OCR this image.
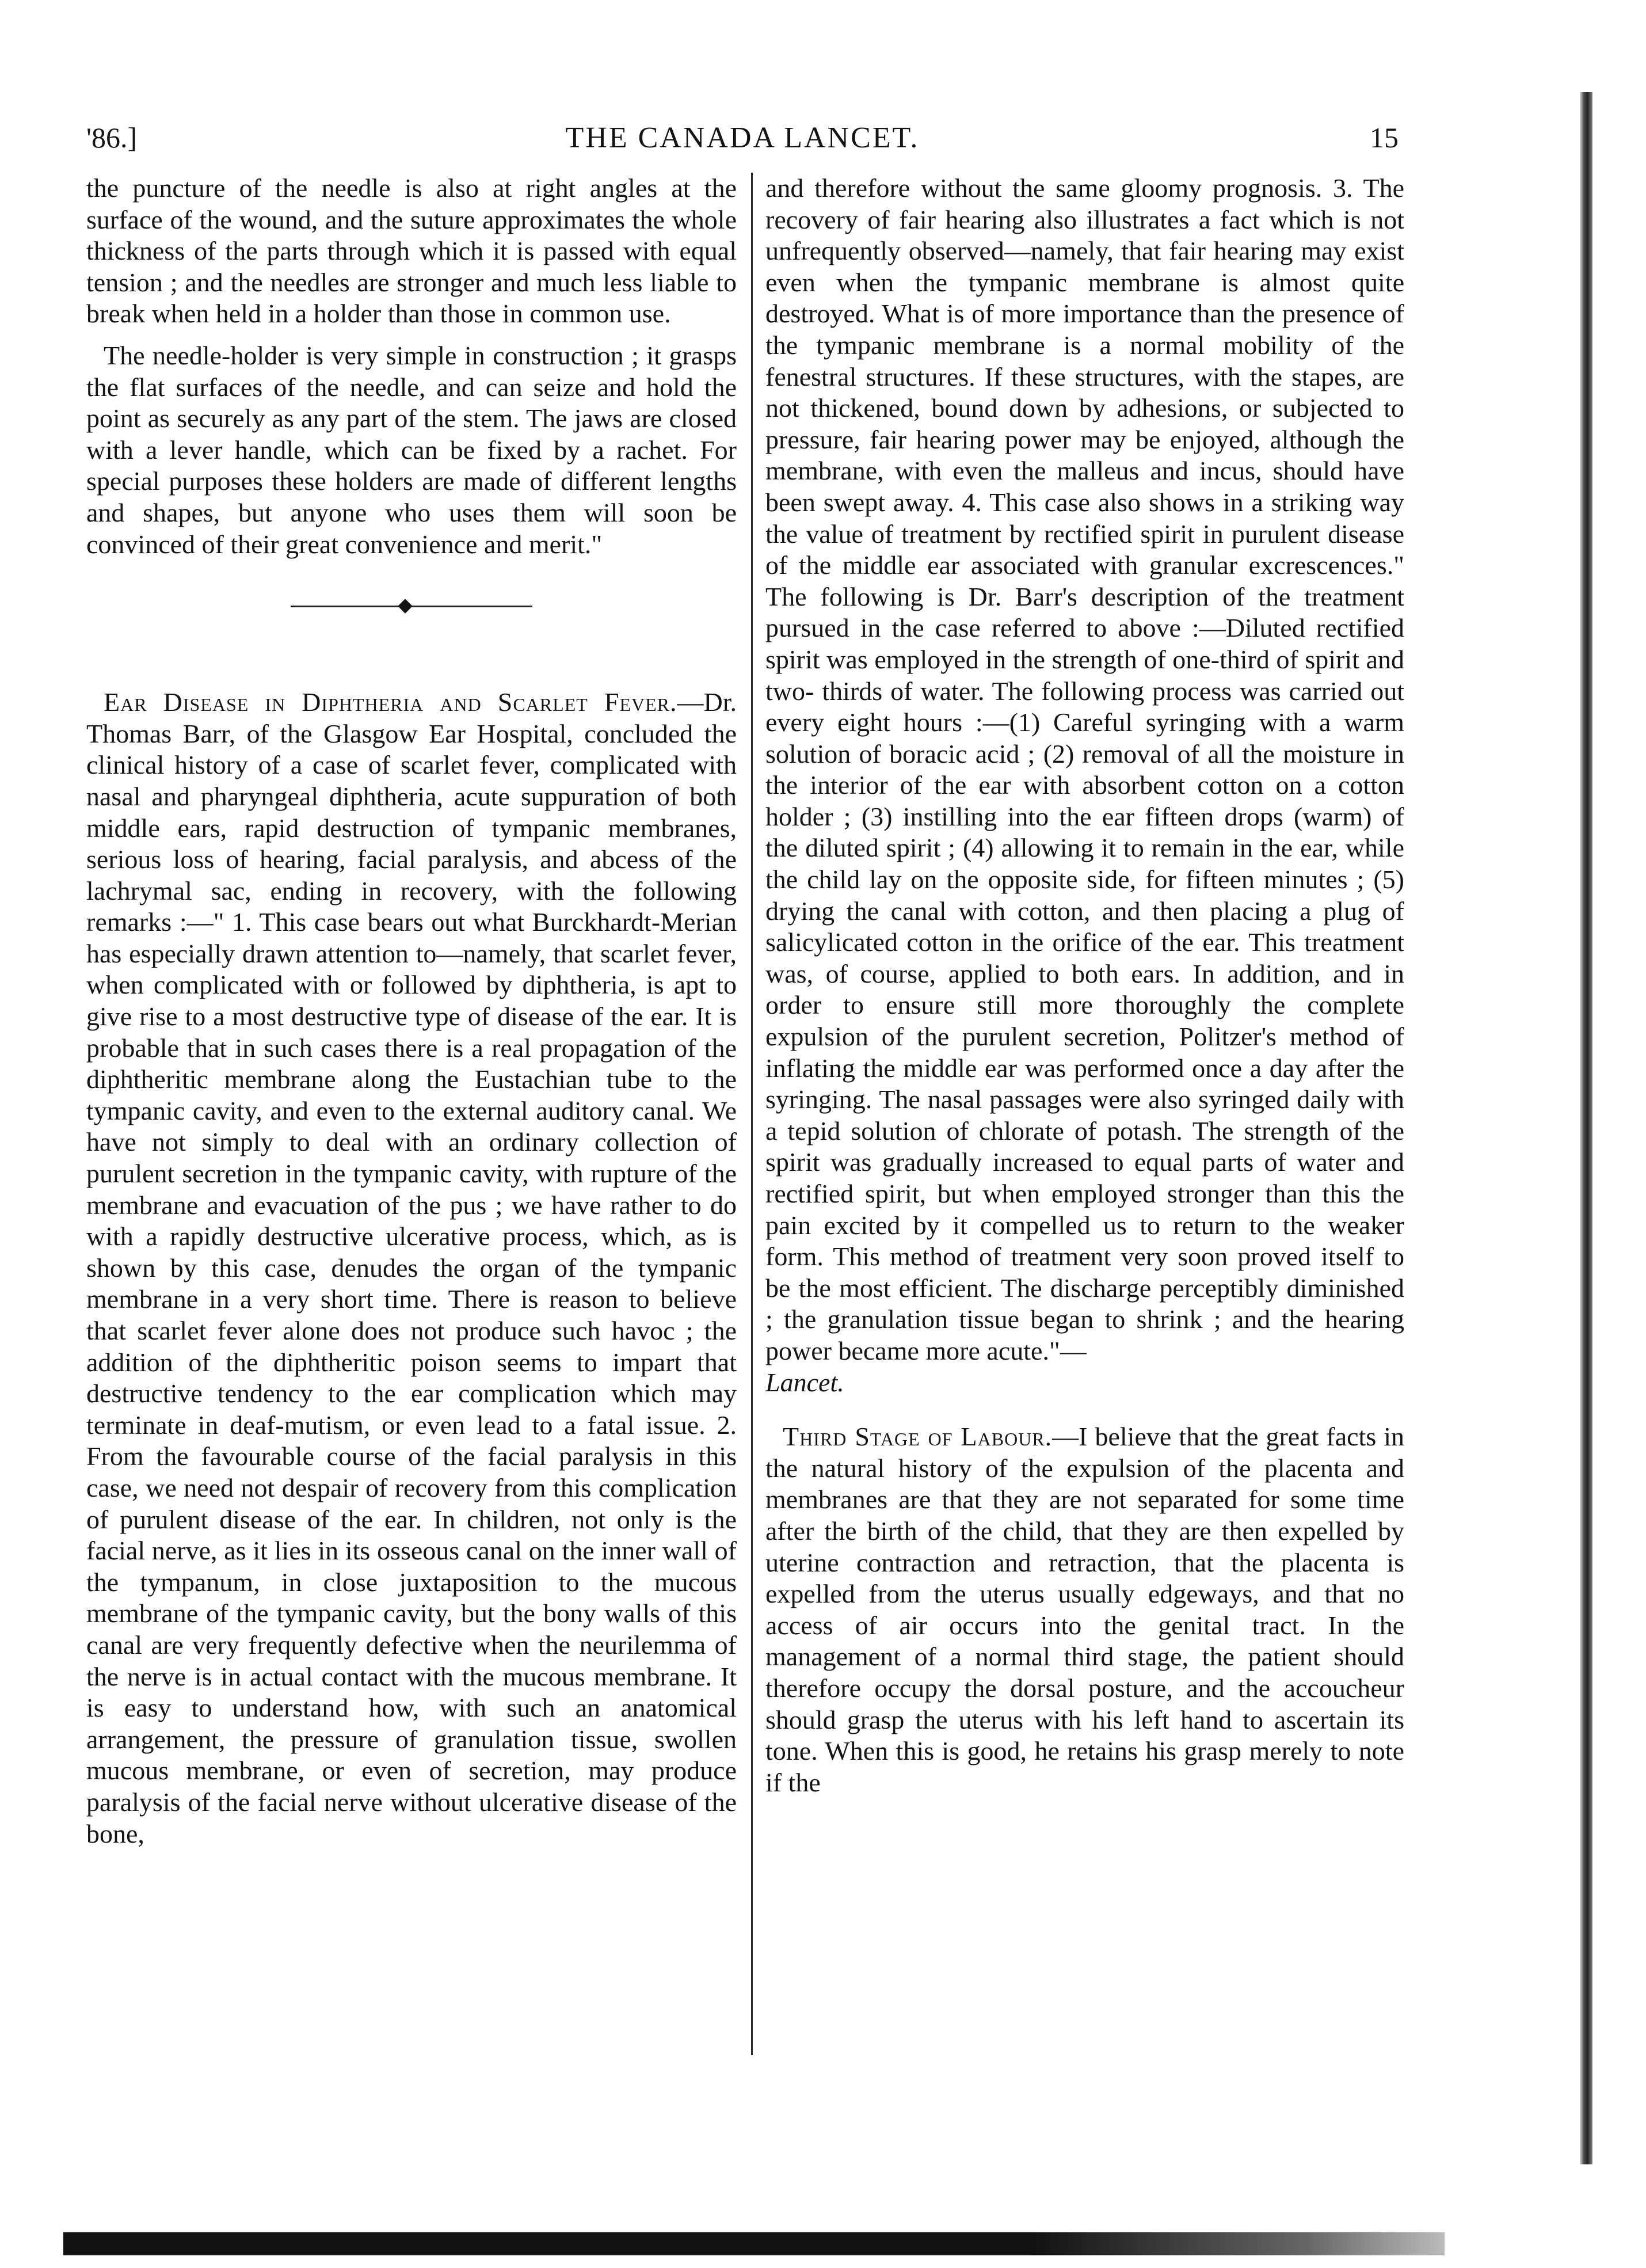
'86.]	THE CANADA LANCET.	15

the puncture of the needle is also at right angles at the surface of the wound, and the suture approximates the whole thickness of the parts through which it is passed with equal tension ; and the needles are stronger and much less liable to break when held in a holder than those in common use.

The needle-holder is very simple in construction ; it grasps the flat surfaces of the needle, and can seize and hold the point as securely as any part of the stem. The jaws are closed with a lever handle, which can be fixed by a rachet. For special purposes these holders are made of different lengths and shapes, but anyone who uses them will soon be convinced of their great convenience and merit."

Ear Disease in Diphtheria and Scarlet Fever.—Dr. Thomas Barr, of the Glasgow Ear Hospital, concluded the clinical history of a case of scarlet fever, complicated with nasal and pharyngeal diphtheria, acute suppuration of both middle ears, rapid destruction of tympanic membranes, serious loss of hearing, facial paralysis, and abcess of the lachrymal sac, ending in recovery, with the following remarks :—" 1. This case bears out what Burckhardt-Merian has especially drawn attention to—namely, that scarlet fever, when complicated with or followed by diphtheria, is apt to give rise to a most destructive type of disease of the ear. It is probable that in such cases there is a real propagation of the diphtheritic membrane along the Eustachian tube to the tympanic cavity, and even to the external auditory canal. We have not simply to deal with an ordinary collection of purulent secretion in the tympanic cavity, with rupture of the membrane and evacuation of the pus ; we have rather to do with a rapidly destructive ulcerative process, which, as is shown by this case, denudes the organ of the tympanic membrane in a very short time. There is reason to believe that scarlet fever alone does not produce such havoc ; the addition of the diphtheritic poison seems to impart that destructive tendency to the ear complication which may terminate in deaf-mutism, or even lead to a fatal issue. 2. From the favourable course of the facial paralysis in this case, we need not despair of recovery from this complication of purulent disease of the ear. In children, not only is the facial nerve, as it lies in its osseous canal on the inner wall of the tympanum, in close juxtaposition to the mucous membrane of the tympanic cavity, but the bony walls of this canal are very frequently defective when the neurilemma of the nerve is in actual contact with the mucous membrane. It is easy to understand how, with such an anatomical arrangement, the pressure of granulation tissue, swollen mucous membrane, or even of secretion, may produce paralysis of the facial nerve without ulcerative disease of the bone,

and therefore without the same gloomy prognosis. 3. The recovery of fair hearing also illustrates a fact which is not unfrequently observed—namely, that fair hearing may exist even when the tympanic membrane is almost quite destroyed. What is of more importance than the presence of the tympanic membrane is a normal mobility of the fenestral structures. If these structures, with the stapes, are not thickened, bound down by adhesions, or subjected to pressure, fair hearing power may be enjoyed, although the membrane, with even the malleus and incus, should have been swept away. 4. This case also shows in a striking way the value of treatment by rectified spirit in purulent disease of the middle ear associated with granular excrescences." The following is Dr. Barr's description of the treatment pursued in the case referred to above :—Diluted rectified spirit was employed in the strength of one-third of spirit and two- thirds of water. The following process was carried out every eight hours :—(1) Careful syringing with a warm solution of boracic acid ; (2) removal of all the moisture in the interior of the ear with absorbent cotton on a cotton holder ; (3) instilling into the ear fifteen drops (warm) of the diluted spirit ; (4) allowing it to remain in the ear, while the child lay on the opposite side, for fifteen minutes ; (5) drying the canal with cotton, and then placing a plug of salicylicated cotton in the orifice of the ear. This treatment was, of course, applied to both ears. In addition, and in order to ensure still more thoroughly the complete expulsion of the purulent secretion, Politzer's method of inflating the middle ear was performed once a day after the syringing. The nasal passages were also syringed daily with a tepid solution of chlorate of potash. The strength of the spirit was gradually increased to equal parts of water and rectified spirit, but when employed stronger than this the pain excited by it compelled us to return to the weaker form. This method of treatment very soon proved itself to be the most efficient. The discharge perceptibly diminished ; the granulation tissue began to shrink ; and the hearing power became more acute."—
Lancet.

Third Stage of Labour.—I believe that the great facts in the natural history of the expulsion of the placenta and membranes are that they are not separated for some time after the birth of the child, that they are then expelled by uterine contraction and retraction, that the placenta is expelled from the uterus usually edgeways, and that no access of air occurs into the genital tract. In the management of a normal third stage, the patient should therefore occupy the dorsal posture, and the accoucheur should grasp the uterus with his left hand to ascertain its tone. When this is good, he retains his grasp merely to note if the
